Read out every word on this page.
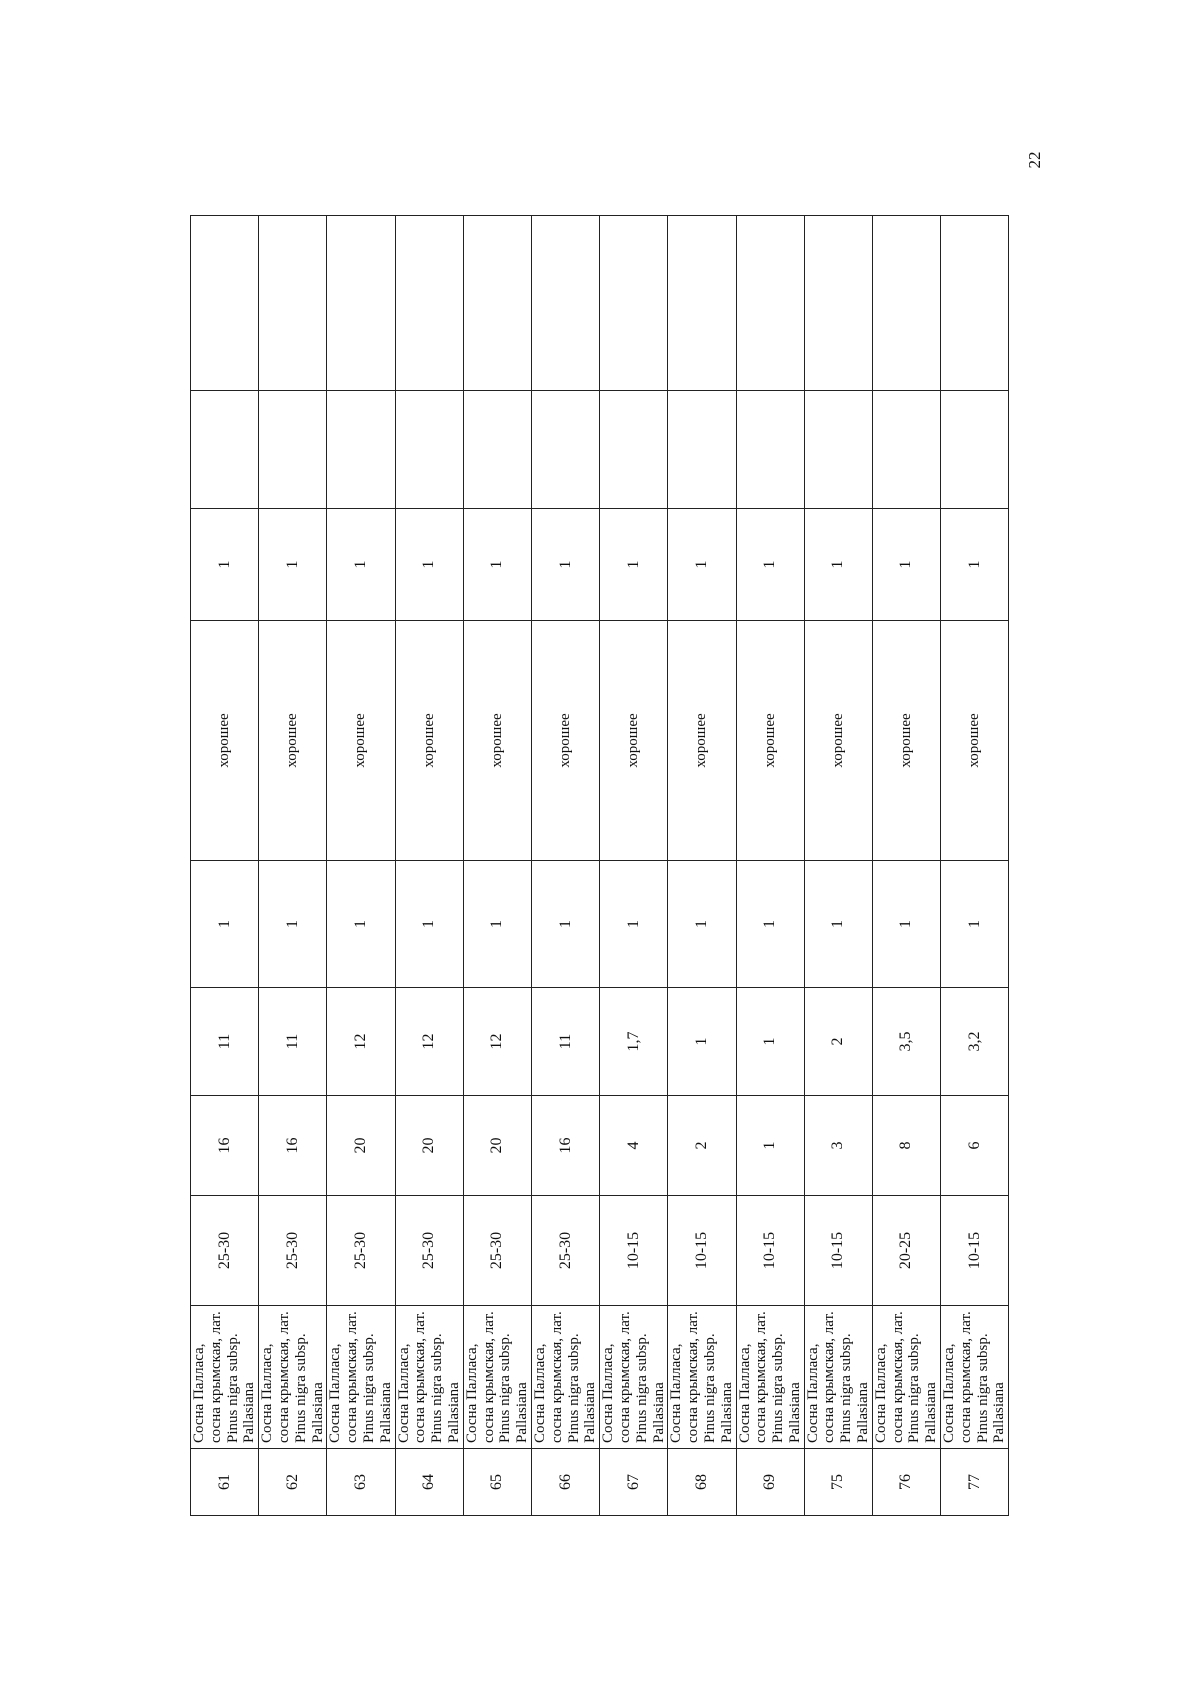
22
61	Сосна Палласа, сосна крымская, лат. Pinus nigra subsp. Pallasiana	25-30	16	11	1	хорошее	1		
62	Сосна Палласа, сосна крымская, лат. Pinus nigra subsp. Pallasiana	25-30	16	11	1	хорошее	1		
63	Сосна Палласа, сосна крымская, лат. Pinus nigra subsp. Pallasiana	25-30	20	12	1	хорошее	1		
64	Сосна Палласа, сосна крымская, лат. Pinus nigra subsp. Pallasiana	25-30	20	12	1	хорошее	1		
65	Сосна Палласа, сосна крымская, лат. Pinus nigra subsp. Pallasiana	25-30	20	12	1	хорошее	1		
66	Сосна Палласа, сосна крымская, лат. Pinus nigra subsp. Pallasiana	25-30	16	11	1	хорошее	1		
67	Сосна Палласа, сосна крымская, лат. Pinus nigra subsp. Pallasiana	10-15	4	1,7	1	хорошее	1		
68	Сосна Палласа, сосна крымская, лат. Pinus nigra subsp. Pallasiana	10-15	2	1	1	хорошее	1		
69	Сосна Палласа, сосна крымская, лат. Pinus nigra subsp. Pallasiana	10-15	1	1	1	хорошее	1		
75	Сосна Палласа, сосна крымская, лат. Pinus nigra subsp. Pallasiana	10-15	3	2	1	хорошее	1		
76	Сосна Палласа, сосна крымская, лат. Pinus nigra subsp. Pallasiana	20-25	8	3,5	1	хорошее	1		
77	Сосна Палласа, сосна крымская, лат. Pinus nigra subsp. Pallasiana	10-15	6	3,2	1	хорошее	1		
